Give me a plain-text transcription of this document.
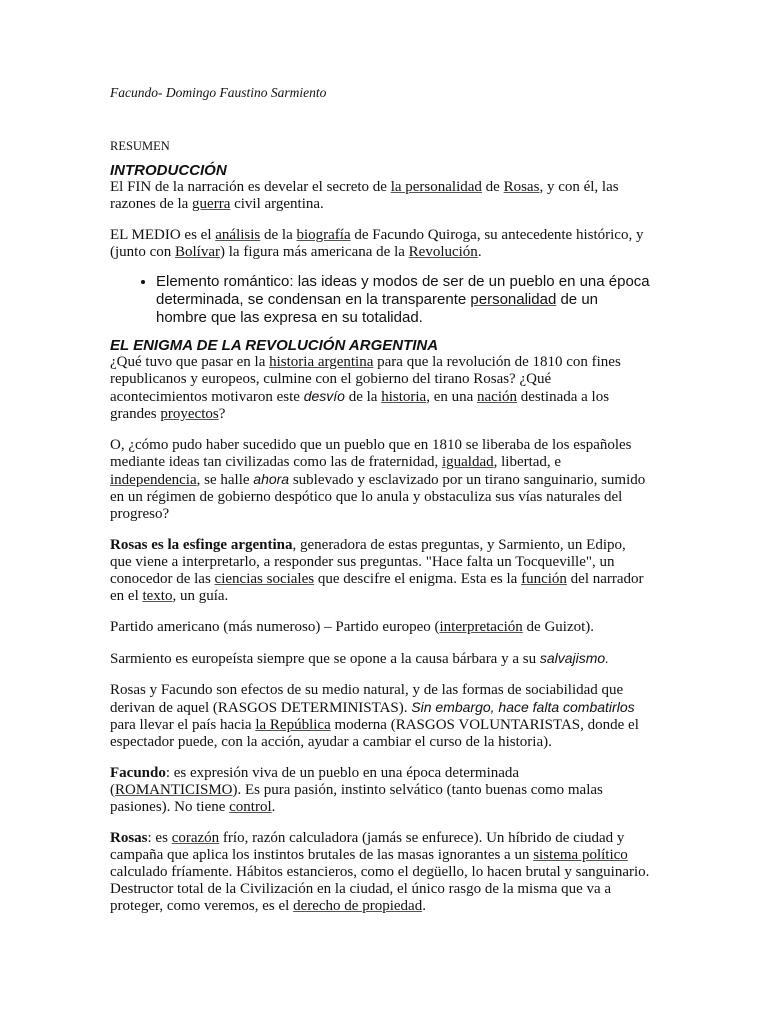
Facundo- Domingo Faustino Sarmiento

RESUMEN

INTRODUCCIÓN

El FIN de la narración es develar el secreto de la personalidad de Rosas, y con él, las razones de la guerra civil argentina.

EL MEDIO es el análisis de la biografía de Facundo Quiroga, su antecedente histórico, y (junto con Bolívar) la figura más americana de la Revolución.

• Elemento romántico: las ideas y modos de ser de un pueblo en una época determinada, se condensan en la transparente personalidad de un hombre que las expresa en su totalidad.
EL ENIGMA DE LA REVOLUCIÓN ARGENTINA

¿Qué tuvo que pasar en la historia argentina para que la revolución de 1810 con fines republicanos y europeos, culmine con el gobierno del tirano Rosas? ¿Qué acontecimientos motivaron este desvío de la historia, en una nación destinada a los grandes proyectos?

O, ¿cómo pudo haber sucedido que un pueblo que en 1810 se liberaba de los españoles mediante ideas tan civilizadas como las de fraternidad, igualdad, libertad, e independencia, se halle ahora sublevado y esclavizado por un tirano sanguinario, sumido en un régimen de gobierno despótico que lo anula y obstaculiza sus vías naturales del progreso?

Rosas es la esfinge argentina, generadora de estas preguntas, y Sarmiento, un Edipo, que viene a interpretarlo, a responder sus preguntas. "Hace falta un Tocqueville", un conocedor de las ciencias sociales que descifre el enigma. Esta es la función del narrador en el texto, un guía.

Partido americano (más numeroso) – Partido europeo (interpretación de Guizot).

Sarmiento es europeísta siempre que se opone a la causa bárbara y a su salvajismo.

Rosas y Facundo son efectos de su medio natural, y de las formas de sociabilidad que derivan de aquel (RASGOS DETERMINISTAS). Sin embargo, hace falta combatirlos para llevar el país hacia la República moderna (RASGOS VOLUNTARISTAS, donde el espectador puede, con la acción, ayudar a cambiar el curso de la historia).

Facundo: es expresión viva de un pueblo en una época determinada (ROMANTICISMO). Es pura pasión, instinto selvático (tanto buenas como malas pasiones). No tiene control.

Rosas: es corazón frío, razón calculadora (jamás se enfurece). Un híbrido de ciudad y campaña que aplica los instintos brutales de las masas ignorantes a un sistema político calculado fríamente. Hábitos estancieros, como el degüello, lo hacen brutal y sanguinario. Destructor total de la Civilización en la ciudad, el único rasgo de la misma que va a proteger, como veremos, es el derecho de propiedad.
